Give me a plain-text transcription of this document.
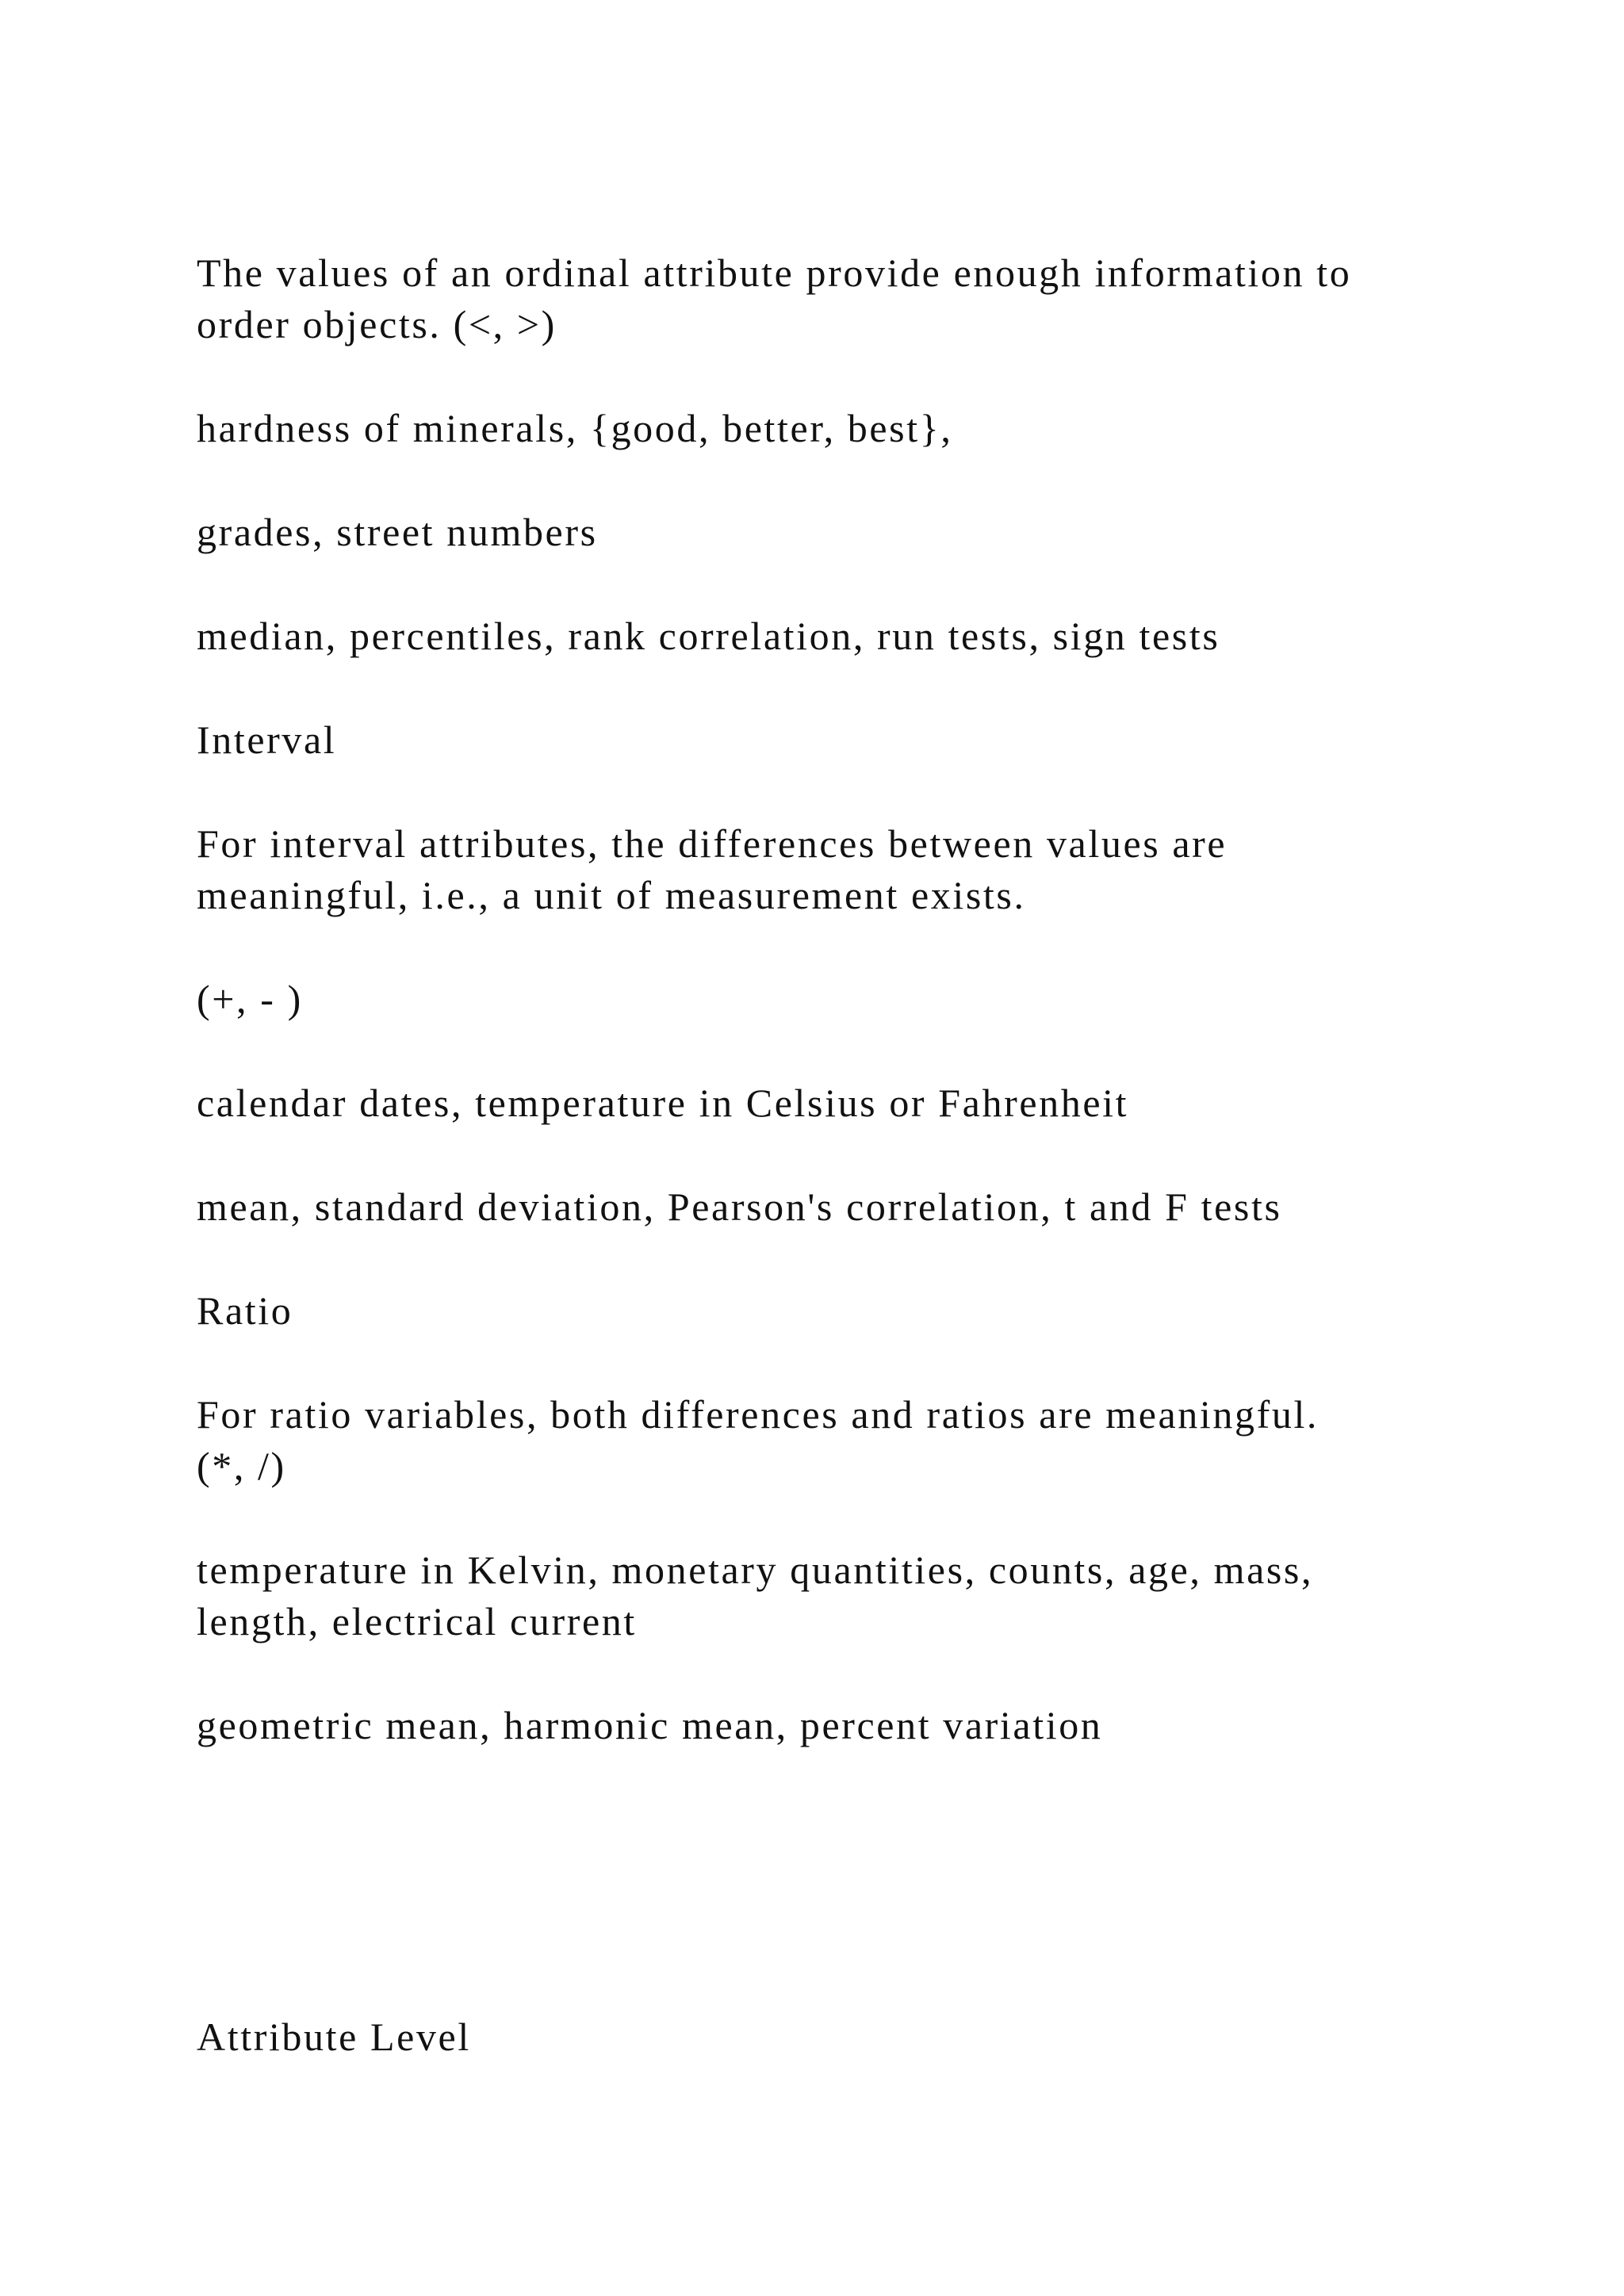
The values of an ordinal attribute provide enough information to
order objects. (<, >)
hardness of minerals, {good, better, best},
grades, street numbers
median, percentiles, rank correlation, run tests, sign tests
Interval
For interval attributes, the differences between values are
meaningful, i.e., a unit of measurement exists.
(+, - )
calendar dates, temperature in Celsius or Fahrenheit
mean, standard deviation, Pearson's correlation, t and F tests
Ratio
For ratio variables, both differences and ratios are meaningful.
(*, /)
temperature in Kelvin, monetary quantities, counts, age, mass,
length, electrical current
geometric mean, harmonic mean, percent variation
Attribute Level
